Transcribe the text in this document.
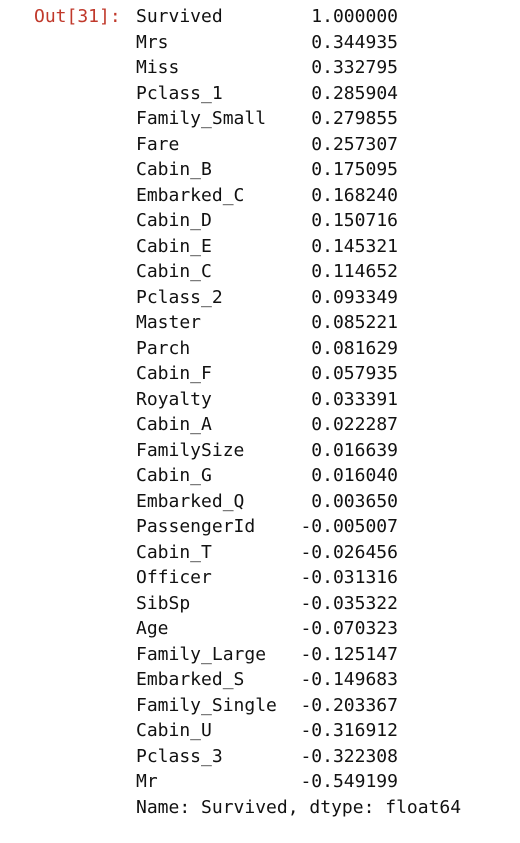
Out[31]: Survived	1.000000
Mrs	0.344935
Miss	0.332795
Pclass_1	0.285904
Family_Small	0.279855
Fare	0.257307
Cabin_B	0.175095
Embarked_C	0.168240
Cabin_D	0.150716
Cabin_E	0.145321
Cabin_C	0.114652
Pclass_2	0.093349
Master	0.085221
Parch	0.081629
Cabin_F	0.057935
Royalty	0.033391
Cabin_A	0.022287
FamilySize	0.016639
Cabin_G	0.016040
Embarked_Q	0.003650
PassengerId	-0.005007
Cabin_T	-0.026456
Officer	-0.031316
SibSp	-0.035322
Age	-0.070323
Family_Large -0.125147
Embarked_S	-0.149683
Family_Single -0.203367
Cabin_U	-0.316912
Pclass_3	-0.322308
Mr	-0.549199
Name: Survived, dtype: float64
